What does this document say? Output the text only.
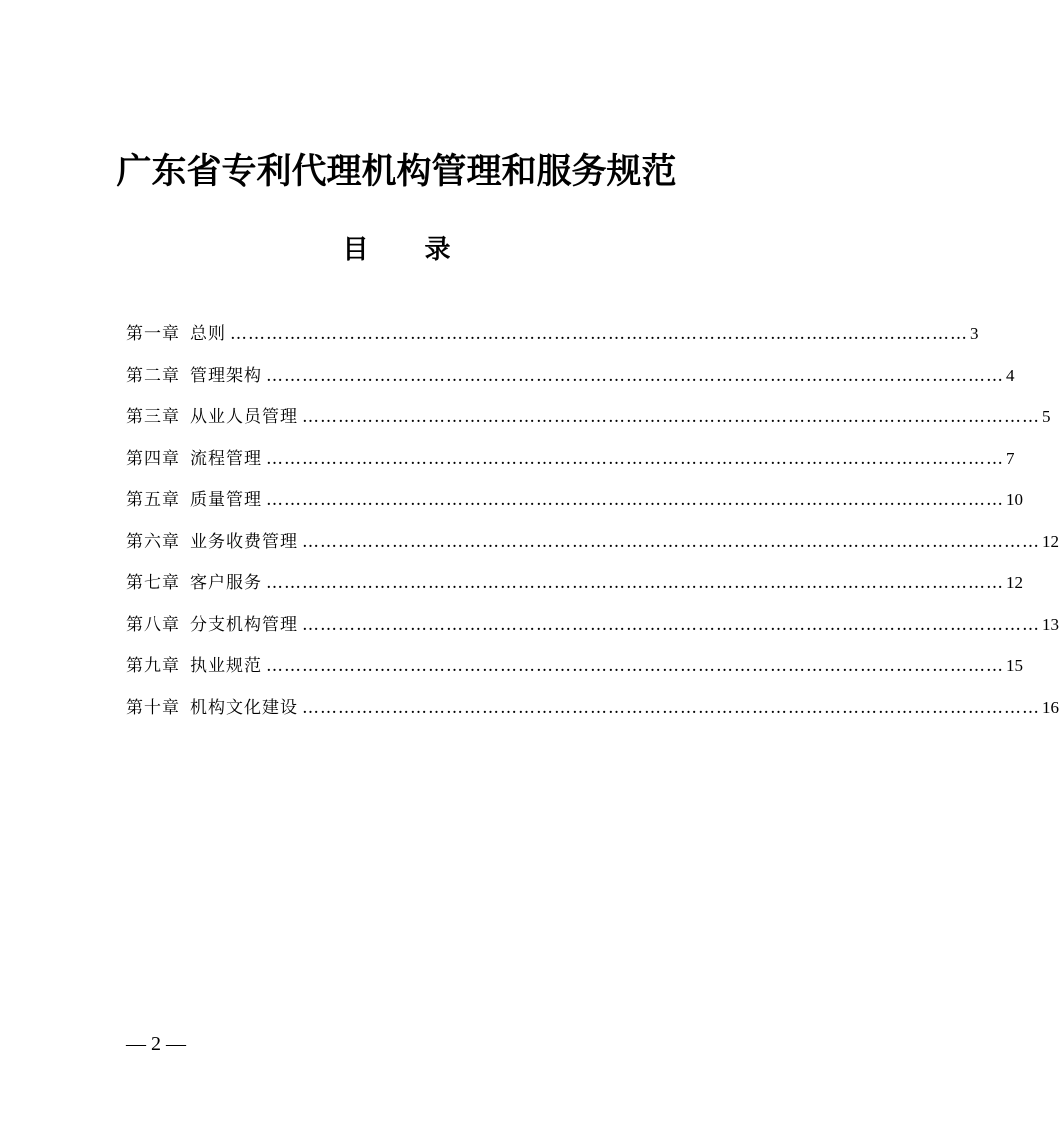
广东省专利代理机构管理和服务规范
目 录
第一章 总则 …………………………………………………………………………………………………………… 3
第二章 管理架构 …………………………………………………………………………………………………………… 4
第三章 从业人员管理 …………………………………………………………………………………………………………… 5
第四章 流程管理 …………………………………………………………………………………………………………… 7
第五章 质量管理 …………………………………………………………………………………………………………… 10
第六章 业务收费管理 …………………………………………………………………………………………………………… 12
第七章 客户服务 …………………………………………………………………………………………………………… 12
第八章 分支机构管理 …………………………………………………………………………………………………………… 13
第九章 执业规范 …………………………………………………………………………………………………………… 15
第十章 机构文化建设 …………………………………………………………………………………………………………… 16
— 2 —
